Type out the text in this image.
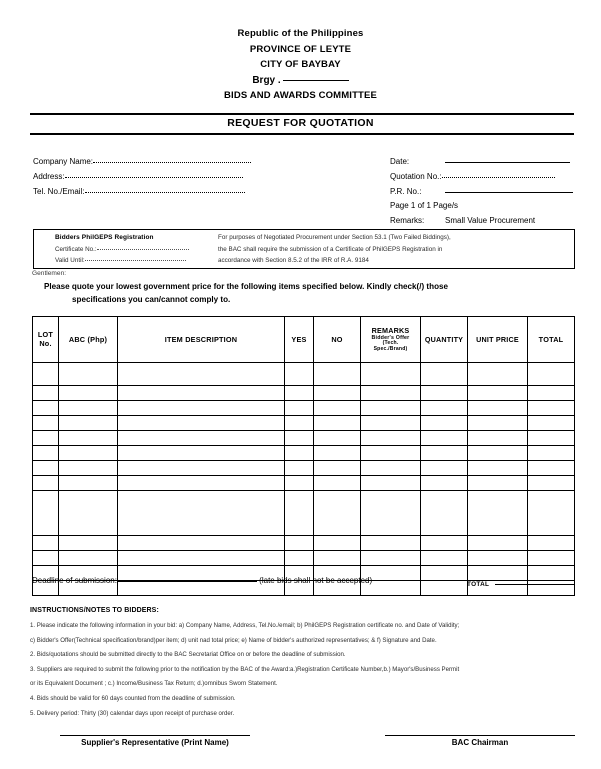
Republic of the Philippines
PROVINCE OF LEYTE
CITY OF BAYBAY
Brgy .
BIDS AND AWARDS COMMITTEE
REQUEST FOR QUOTATION
Company Name:
Address:
Tel. No./Email:
Date:
Quotation No.:
P.R. No.:
Page 1 of 1 Page/s
Remarks:	Small Value Procurement
Bidders PhilGEPS Registration
Certificate No.:
Valid Until:
For purposes of Negotiated Procurement under Section 53.1 (Two Failed Biddings),
the BAC shall require the submission of a Certificate of PhilGEPS Registration in
accordance with Section 8.5.2 of the IRR of R.A. 9184
Gentlemen:
Please quote your lowest government price for the following items specified below. Kindly check(/) those
specifications you can/cannot comply to.
LOT
No.	ABC (Php)	ITEM DESCRIPTION	YES	NO	REMARKS
Bidder's Offer
(Tech.
Spec./Brand)	QUANTITY	UNIT PRICE	TOTAL

Deadline of submission:	(late bids shall not be accepted)	TOTAL
INSTRUCTIONS/NOTES TO BIDDERS:
1. Please indicate the following information in your bid: a) Company Name, Address, Tel.No./email; b) PhilGEPS Registration certificate no. and Date of Validity;
c) Bidder's Offer(Technical specification/brand)per item; d) unit nad total price; e) Name of bidder's authorized representatives; & f) Signature and Date.
2. Bids/quotations should be submitted directly to the BAC Secretariat Office on or before the deadline of submission.
3. Suppliers are required to submit the following prior to the notification by the BAC of the Award:a.)Registration Certificate Number,b.) Mayor's/Business Permit
or its Equivalent Document ; c.) Income/Business Tax Return; d.)omnibus Sworn Statement.
4. Bids should be valid for 60 days counted from the deadline of submission.
5. Delivery period: Thirty (30) calendar days upon receipt of purchase order.
Supplier's Representative (Print Name)	BAC Chairman
